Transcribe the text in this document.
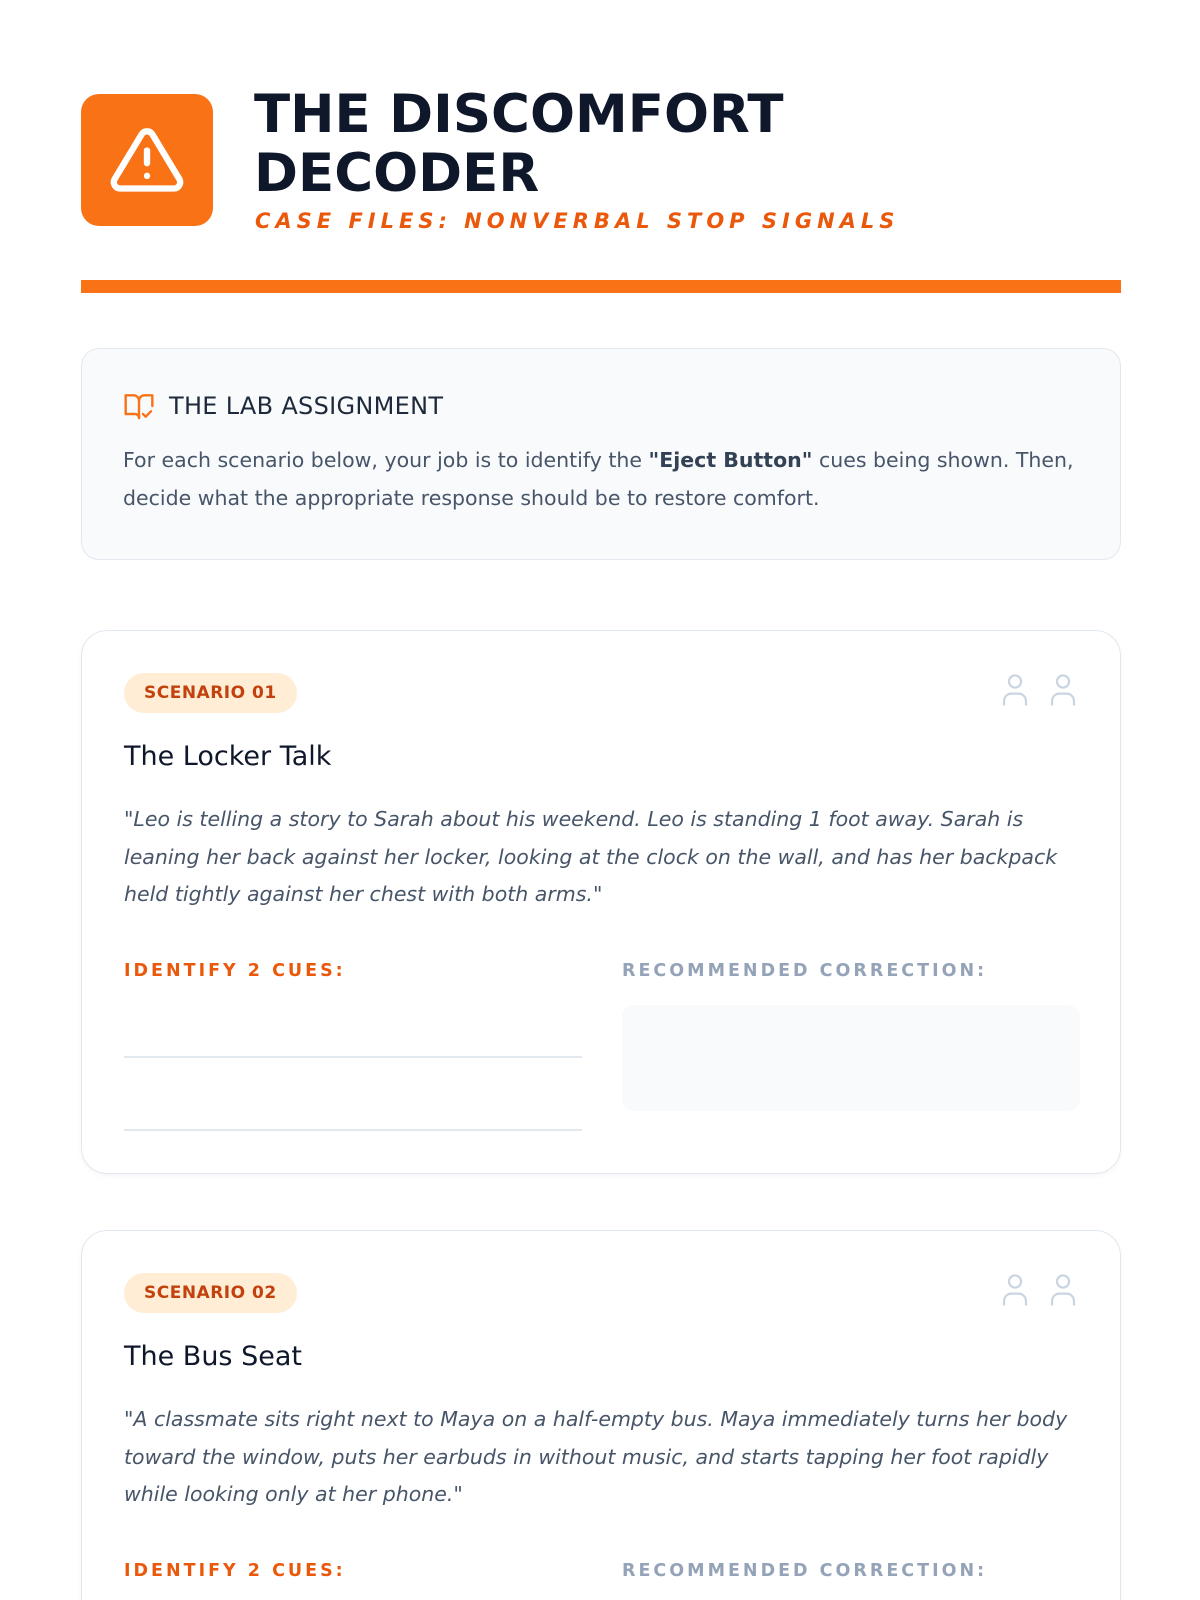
THE DISCOMFORT
DECODER
CASE FILES: NONVERBAL STOP SIGNALS
THE LAB ASSIGNMENT
For each scenario below, your job is to identify the "Eject Button" cues being shown. Then, decide what the appropriate response should be to restore comfort.
SCENARIO 01
The Locker Talk
"Leo is telling a story to Sarah about his weekend. Leo is standing 1 foot away. Sarah is leaning her back against her locker, looking at the clock on the wall, and has her backpack held tightly against her chest with both arms."
IDENTIFY 2 CUES:	RECOMMENDED CORRECTION:
SCENARIO 02
The Bus Seat
"A classmate sits right next to Maya on a half-empty bus. Maya immediately turns her body toward the window, puts her earbuds in without music, and starts tapping her foot rapidly while looking only at her phone."
IDENTIFY 2 CUES:	RECOMMENDED CORRECTION:
